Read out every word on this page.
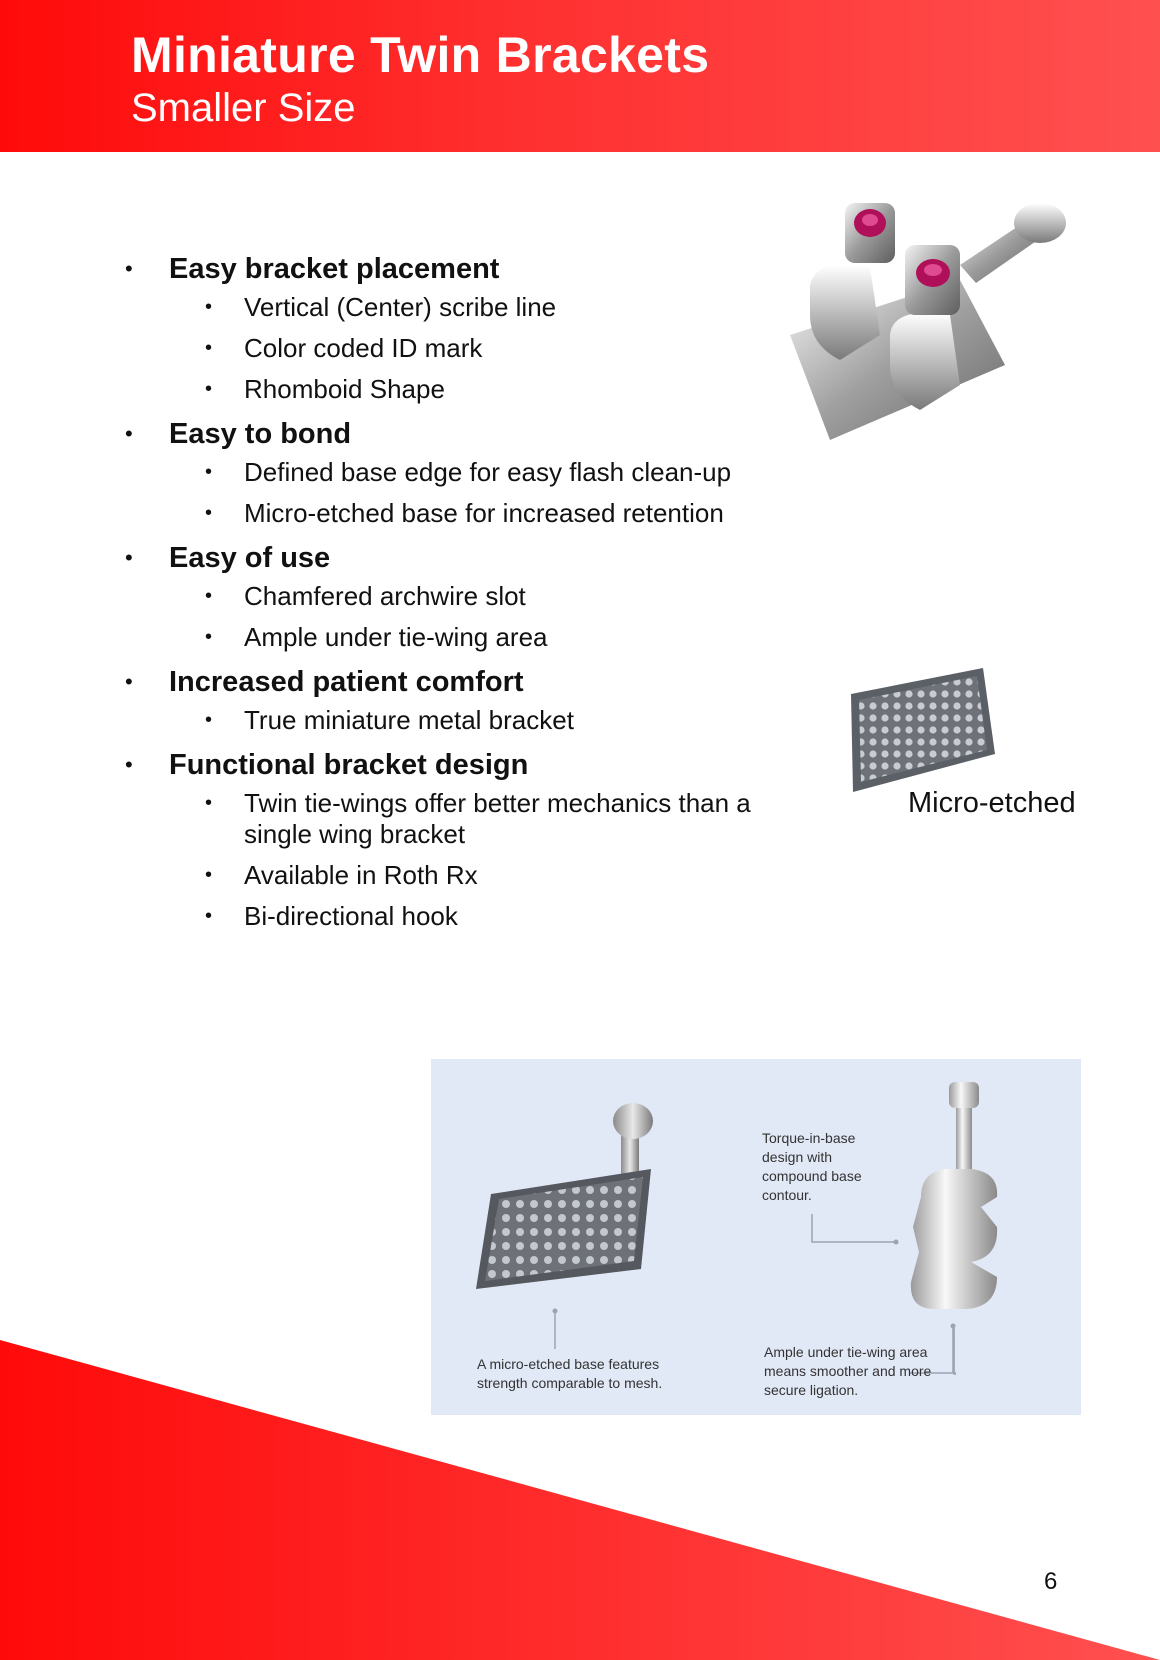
Miniature Twin Brackets
Smaller Size
• Easy bracket placement
• Vertical (Center) scribe line
• Color coded ID mark
• Rhomboid Shape
• Easy to bond
• Defined base edge for easy flash clean-up
• Micro-etched base for increased retention
• Easy of use
• Chamfered archwire slot
• Ample under tie-wing area
• Increased patient comfort
• True miniature metal bracket
• Functional bracket design
• Twin tie-wings offer better mechanics than a single wing bracket
• Available in Roth Rx
• Bi-directional hook
Micro-etched
Torque-in-base design with compound base contour.
A micro-etched base features strength comparable to mesh.
Ample under tie-wing area means smoother and more secure ligation.
6
